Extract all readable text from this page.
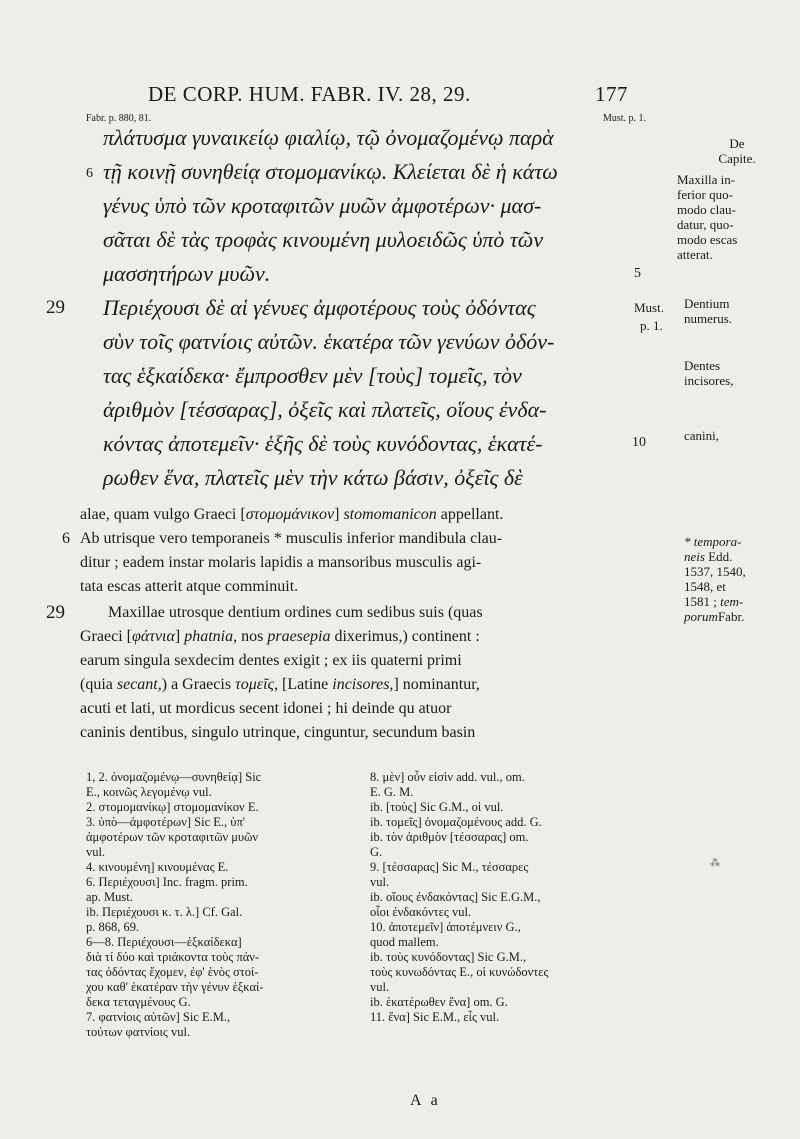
DE CORP. HUM. FABR. IV. 28, 29.	177
Fabr. p. 880, 81.	Must. p. 1.
πλάτυσμα γυναικείῳ φιαλίῳ, τῷ ὀνομαζομένῳ παρὰ
τῇ κοινῇ συνηθείᾳ στομομανίκῳ. Κλείεται δὲ ἡ κάτω
γένυς ὑπὸ τῶν κροταφιτῶν μυῶν ἀμφοτέρων· μασ-
σᾶται δὲ τὰς τροφὰς κινουμένη μυλοειδῶς ὑπὸ τῶν
μασσητήρων μυῶν.
Περιέχουσι δὲ αἱ γένυες ἀμφοτέρους τοὺς ὀδόντας
σὺν τοῖς φατνίοις αὐτῶν. ἑκατέρα τῶν γενύων ὀδόν-
τας ἑξκαίδεκα· ἔμπροσθεν μὲν [τοὺς] τομεῖς, τὸν
ἀριθμὸν [τέσσαρας], ὀξεῖς καὶ πλατεῖς, οἵους ἐνδα-
κόντας ἀποτεμεῖν· ἑξῆς δὲ τοὺς κυνόδοντας, ἑκατέ-
ρωθεν ἕνα, πλατεῖς μὲν τὴν κάτω βάσιν, ὀξεῖς δὲ
6
5
29
10
Must.
p. 1.
alae, quam vulgo Graeci [στομομάνικον] stomomanicon appellant.
Ab utrisque vero temporaneis * musculis inferior mandibula clau-
ditur ; eadem instar molaris lapidis a mansoribus musculis agi-
tata escas atterit atque comminuit.
Maxillae utrosque dentium ordines cum sedibus suis (quas
Graeci [φάτνια] phatnia, nos praesepia dixerimus,) continent :
earum singula sexdecim dentes exigit ; ex iis quaterni primi
(quia secant,) a Graecis τομεῖς, [Latine incisores,] nominantur,
acuti et lati, ut mordicus secent idonei ; hi deinde qu atuor
caninis dentibus, singulo utrinque, cinguntur, secundum basin
6
29
De
Capite.
Maxilla in-
ferior quo-
modo clau-
datur, quo-
modo escas
atterat.
Dentium
numerus.
Dentes
incisores,
canini,
* tempora-
neis Edd.
1537, 1540,
1548, et
1581 ; tem-
porumFabr.
1, 2. ὀνομαζομένῳ—συνηθείᾳ] Sic
E., κοινῶς λεγομένῳ vul.
2. στομομανίκῳ] στομομανίκον E.
3. ὑπὸ—ἀμφοτέρων] Sic E., ὑπ'
ἀμφοτέρων τῶν κροταφιτῶν μυῶν
vul.
4. κινουμένη] κινουμένας E.
6. Περιέχουσι] Inc. fragm. prim.
ap. Must.
ib. Περιέχουσι κ. τ. λ.] Cf. Gal.
p. 868, 69.
6—8. Περιέχουσι—ἑξκαίδεκα]
διὰ τί δύο καὶ τριάκοντα τοὺς πάν-
τας ὀδόντας ἔχομεν, ἐφ' ἑνὸς στοί-
χου καθ' ἑκατέραν τὴν γένυν ἑξκαί-
δεκα τεταγμένους G.
7. φατνίοις αὐτῶν] Sic E.M.,
τούτων φατνίοις vul.
8. μὲν] οὖν εἰσὶν add. vul., om.
E. G. M.
ib. [τοὺς] Sic G.M., οἱ vul.
ib. τομεῖς] ὀνομαζομένους add. G.
ib. τὸν ἀριθμὸν [τέσσαρας] om.
G.
9. [τέσσαρας] Sic M., τέσσαρες
vul.
ib. οἵους ἐνδακόντας] Sic E.G.M.,
οἷοι ἐνδακόντες vul.
10. ἀποτεμεῖν] ἀποτέμνειν G.,
quod mallem.
ib. τοὺς κυνόδοντας] Sic G.M.,
τοὺς κυνωδόντας E., οἱ κυνώδοντες
vul.
ib. ἑκατέρωθεν ἕνα] om. G.
11. ἕνα] Sic E.M., εἷς vul.
⁂
A a
